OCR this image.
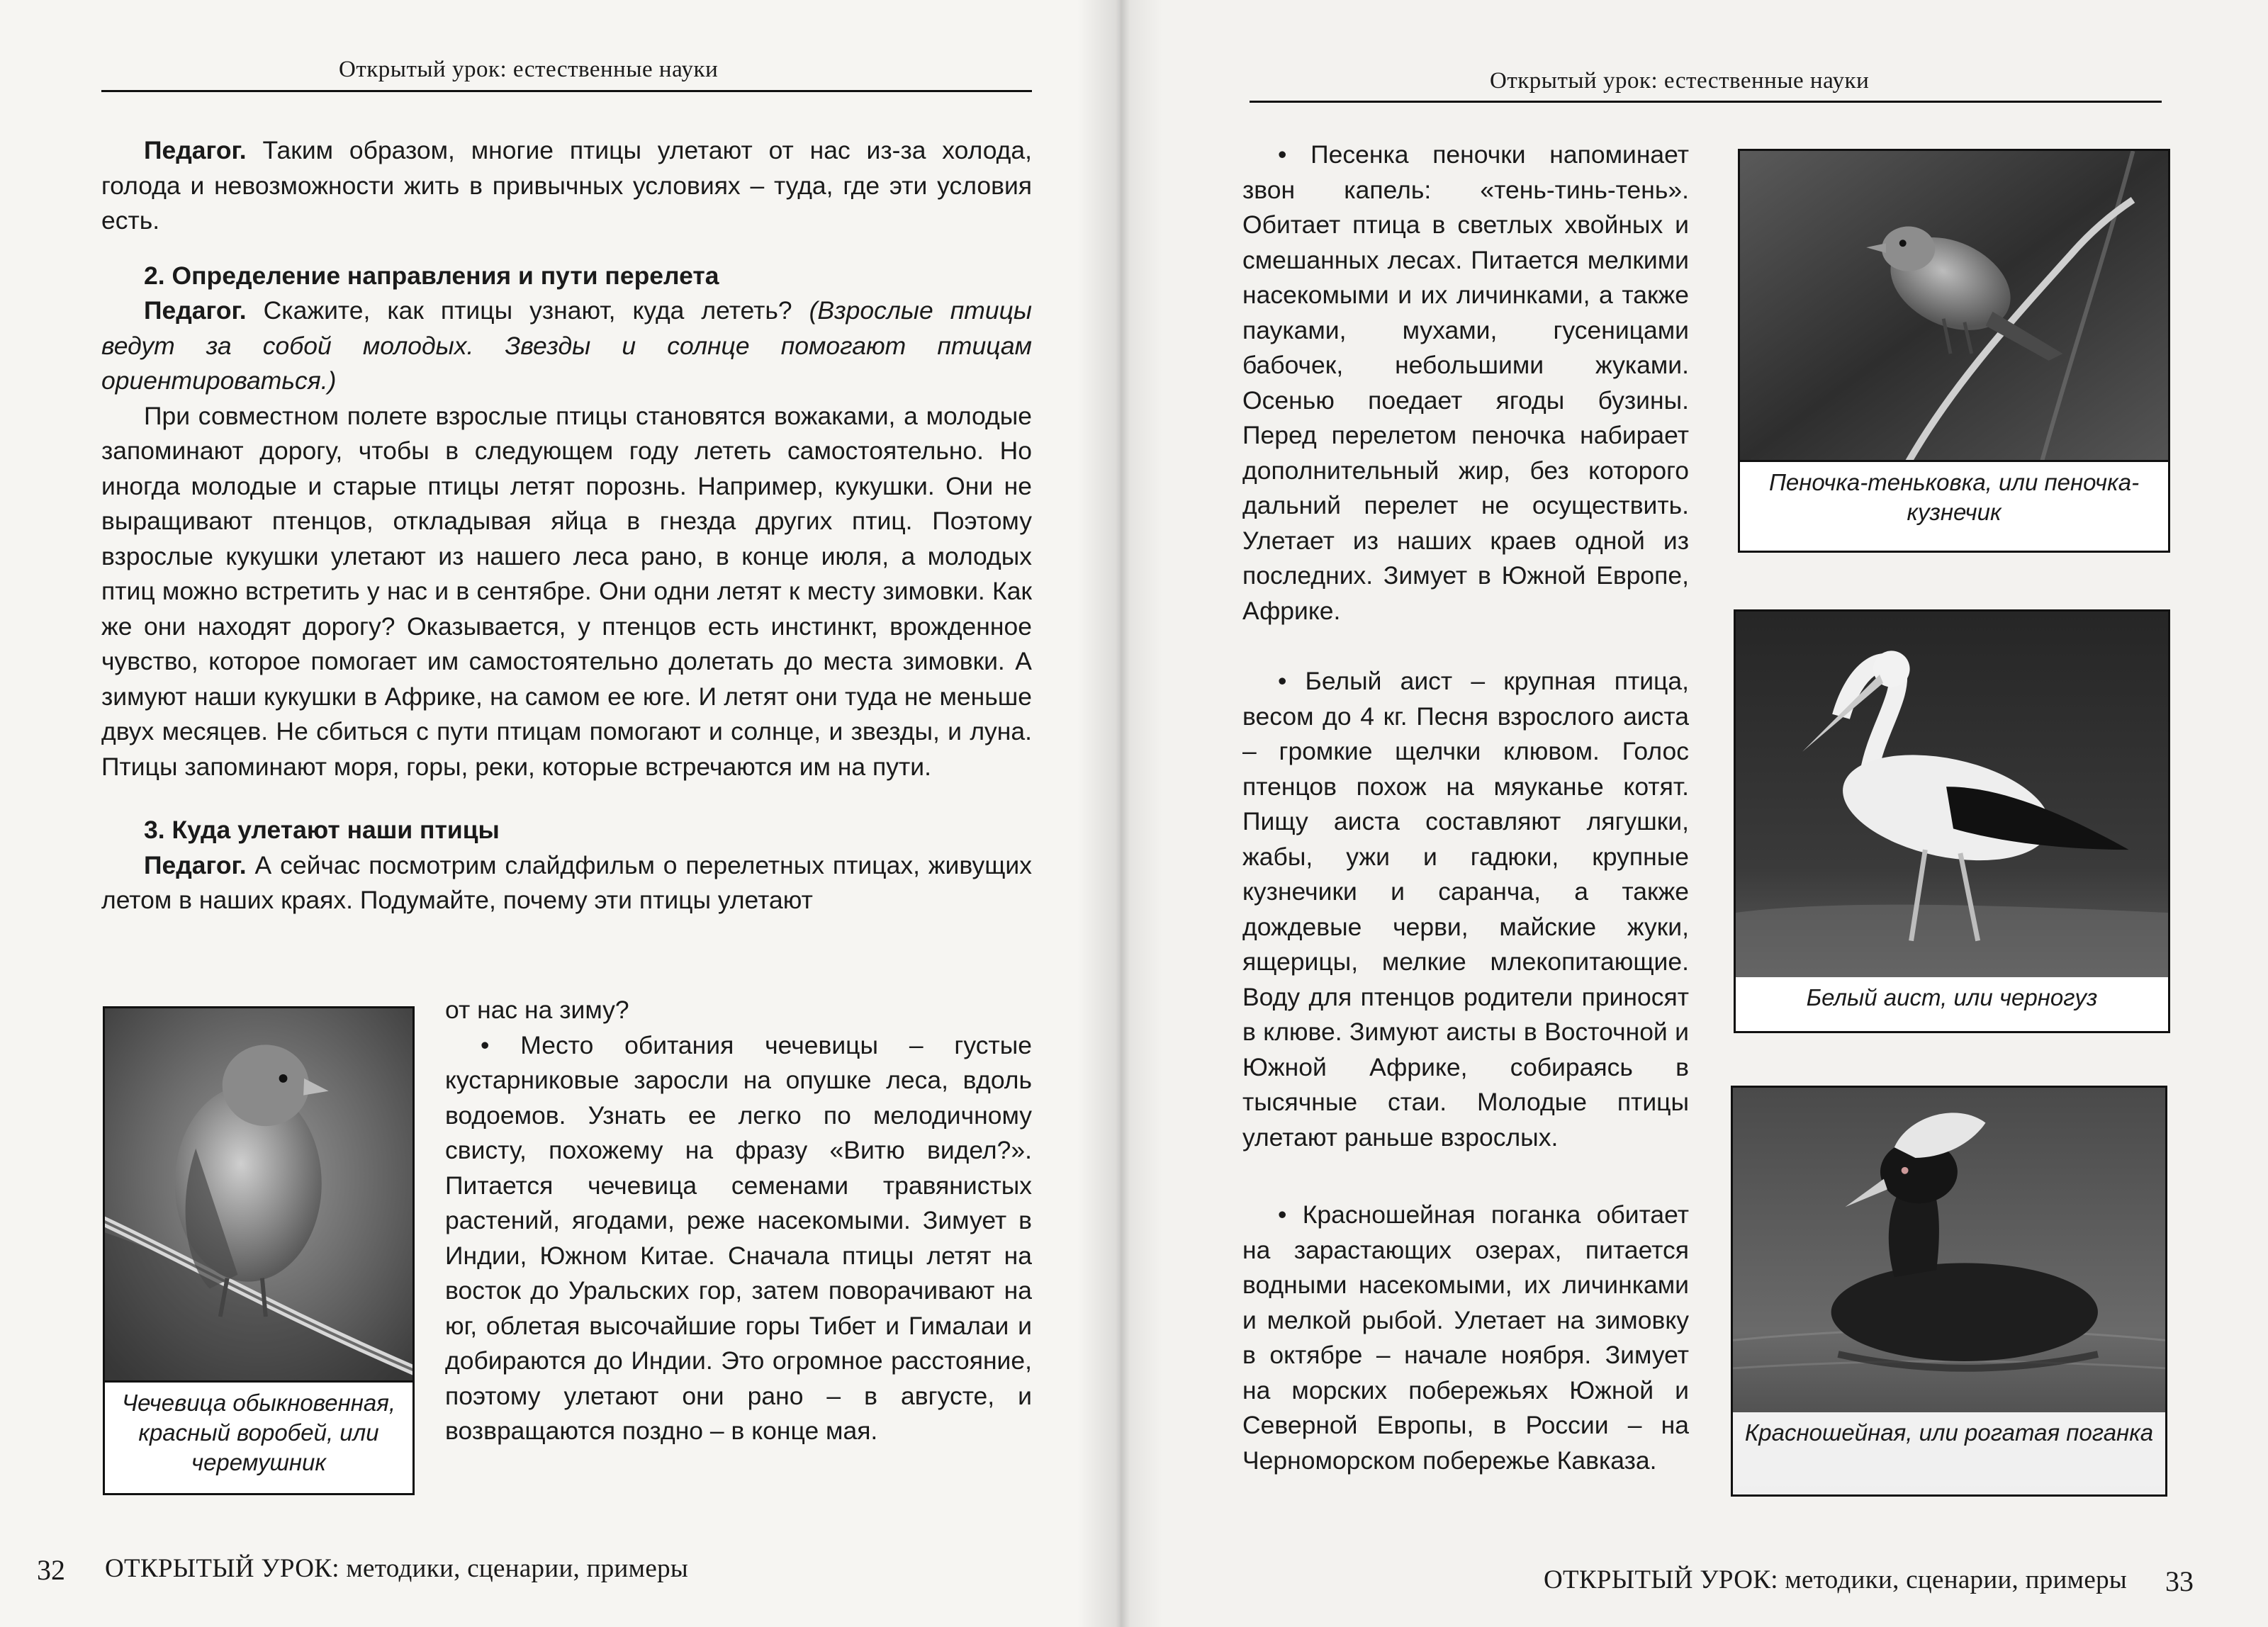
Открытый урок: естественные науки

Педагог. Таким образом, многие птицы улетают от нас из-за холода, голода и невозможности жить в привычных условиях – туда, где эти условия есть.

2. Определение направления и пути перелета

Педагог. Скажите, как птицы узнают, куда лететь? (Взрослые птицы ведут за собой молодых. Звезды и солнце помогают птицам ориентироваться.)

При совместном полете взрослые птицы становятся вожаками, а молодые запоминают дорогу, чтобы в следующем году лететь самостоятельно. Но иногда молодые и старые птицы летят порознь. Например, кукушки. Они не выращивают птенцов, откладывая яйца в гнезда других птиц. Поэтому взрослые кукушки улетают из нашего леса рано, в конце июля, а молодых птиц можно встретить у нас и в сентябре. Они одни летят к месту зимовки. Как же они находят дорогу? Оказывается, у птенцов есть инстинкт, врожденное чувство, которое помогает им самостоятельно долетать до места зимовки. А зимуют наши кукушки в Африке, на самом ее юге. И летят они туда не меньше двух месяцев. Не сбиться с пути птицам помогают и солнце, и звезды, и луна. Птицы запоминают моря, горы, реки, которые встречаются им на пути.

3. Куда улетают наши птицы

Педагог. А сейчас посмотрим слайдфильм о перелетных птицах, живущих летом в наших краях. Подумайте, почему эти птицы улетают

от нас на зиму?

• Место обитания чечевицы – густые кустарниковые заросли на опушке леса, вдоль водоемов. Узнать ее легко по мелодичному свисту, похожему на фразу «Витю видел?». Питается чечевица семенами травянистых растений, ягодами, реже насекомыми. Зимует в Индии, Южном Китае. Сначала птицы летят на восток до Уральских гор, затем поворачивают на юг, облетая высочайшие горы Тибет и Гималаи и добираются до Индии. Это огромное расстояние, поэтому улетают они рано – в августе, и возвращаются поздно – в конце мая.

Чечевица обыкновенная, красный воробей, или черемушник
32 ОТКРЫТЫЙ УРОК: методики, сценарии, примеры
Открытый урок: естественные науки

• Песенка пеночки напоминает звон капель: «тень-тинь-тень». Обитает птица в светлых хвойных и смешанных лесах. Питается мелкими насекомыми и их личинками, а также пауками, мухами, гусеницами бабочек, небольшими жуками. Осенью поедает ягоды бузины. Перед перелетом пеночка набирает дополнительный жир, без которого дальний перелет не осуществить. Улетает из наших краев одной из последних. Зимует в Южной Европе, Африке.

• Белый аист – крупная птица, весом до 4 кг. Песня взрослого аиста – громкие щелчки клювом. Голос птенцов похож на мяуканье котят. Пищу аиста составляют лягушки, жабы, ужи и гадюки, крупные кузнечики и саранча, а также дождевые черви, майские жуки, ящерицы, мелкие млекопитающие. Воду для птенцов родители приносят в клюве. Зимуют аисты в Восточной и Южной Африке, собираясь в тысячные стаи. Молодые птицы улетают раньше взрослых.

• Красношейная поганка обитает на зарастающих озерах, питается водными насекомыми, их личинками и мелкой рыбой. Улетает на зимовку в октябре – начале ноября. Зимует на морских побережьях Южной и Северной Европы, в России – на Черноморском побережье Кавказа.

Пеночка-теньковка, или пеночка-кузнечик
Белый аист, или черногуз
Красношейная, или рогатая поганка
ОТКРЫТЫЙ УРОК: методики, сценарии, примеры 33
